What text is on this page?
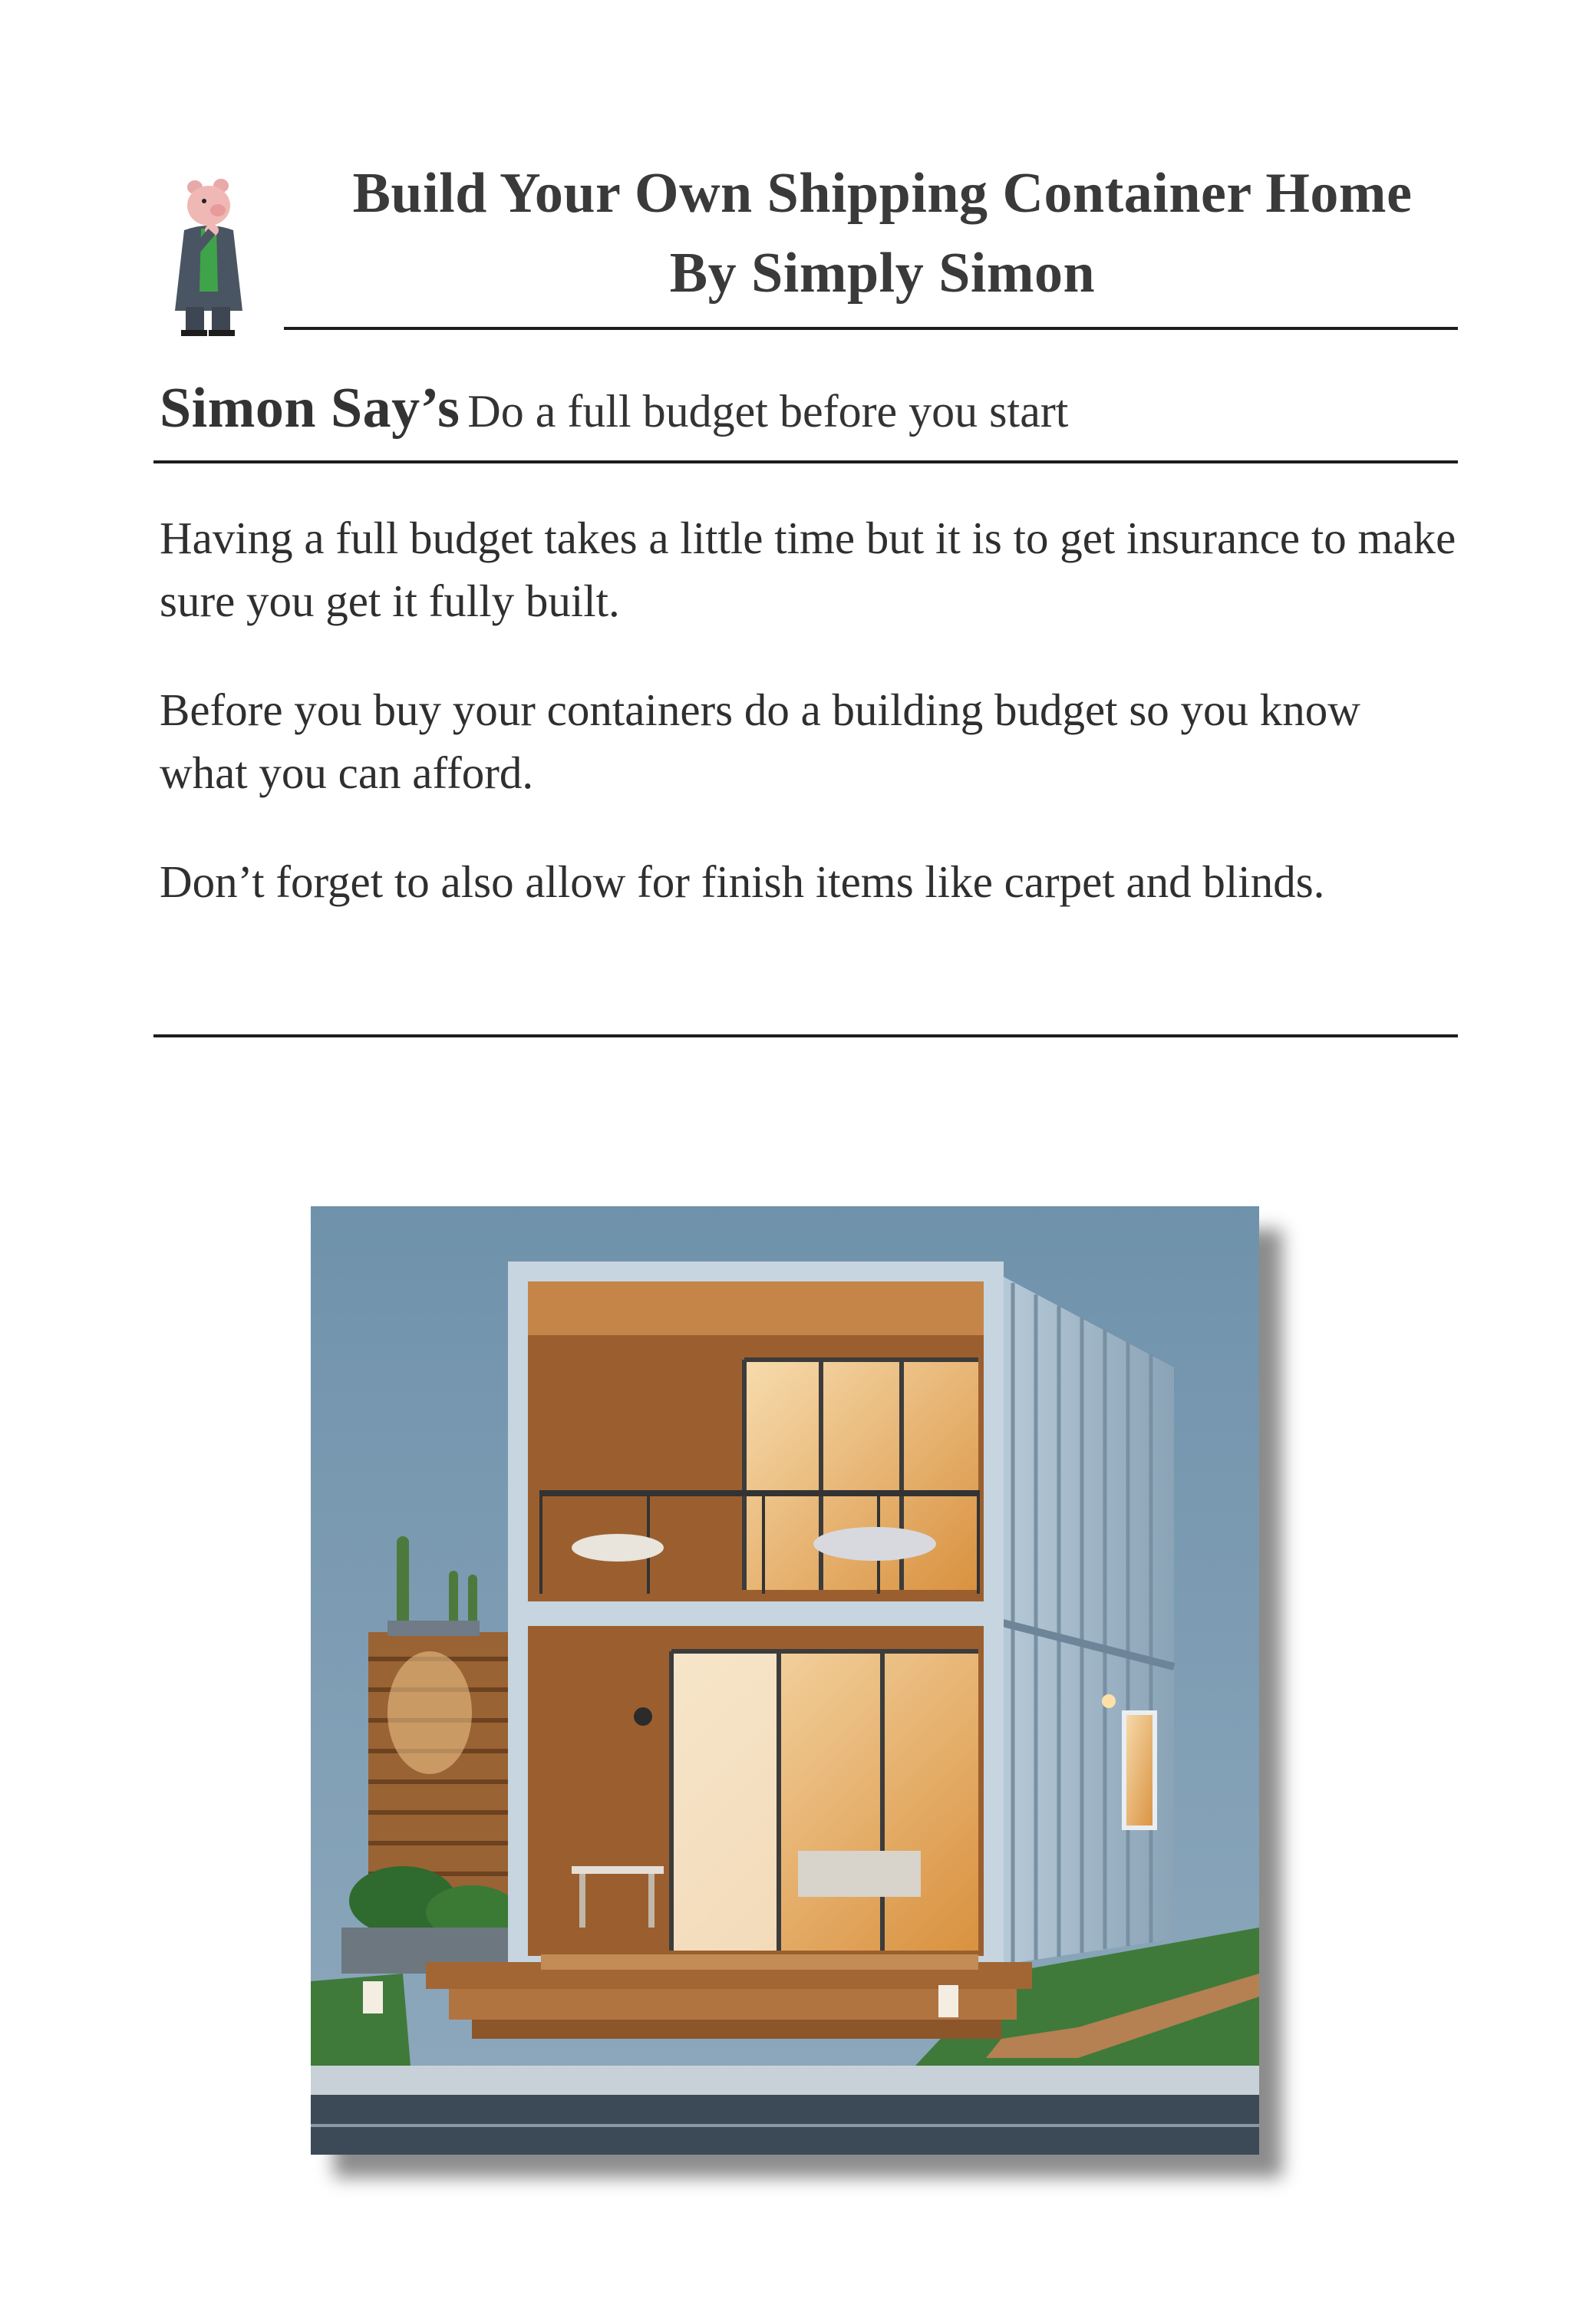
Build Your Own Shipping Container Home
By Simply Simon
Simon Say’s Do a full budget before you start

Having a full budget takes a little time but it is to get insurance to make sure you get it fully built.

Before you buy your containers do a building budget so you know what you can afford.

Don’t forget to also allow for finish items like carpet and blinds.
